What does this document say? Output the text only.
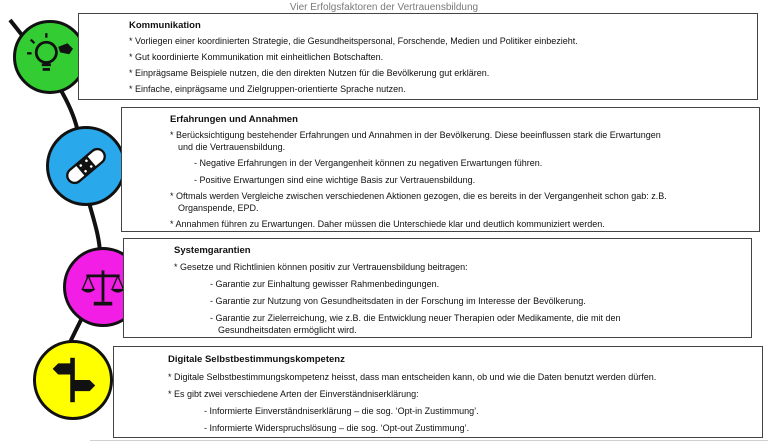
Vier Erfolgsfaktoren der Vertrauensbildung
Kommunikation

* Vorliegen einer koordinierten Strategie, die Gesundheitspersonal, Forschende, Medien und Politiker einbezieht.

* Gut koordinierte Kommunikation mit einheitlichen Botschaften.

* Einprägsame Beispiele nutzen, die den direkten Nutzen für die Bevölkerung gut erklären.

* Einfache, einprägsame und Zielgruppen-orientierte Sprache nutzen.

Erfahrungen und Annahmen

* Berücksichtigung bestehender Erfahrungen und Annahmen in der Bevölkerung. Diese beeinflussen stark die Erwartungen

und die Vertrauensbildung.

- Negative Erfahrungen in der Vergangenheit können zu negativen Erwartungen führen.

- Positive Erwartungen sind eine wichtige Basis zur Vertrauensbildung.

* Oftmals werden Vergleiche zwischen verschiedenen Aktionen gezogen, die es bereits in der Vergangenheit schon gab: z.B.

Organspende, EPD.

* Annahmen führen zu Erwartungen. Daher müssen die Unterschiede klar und deutlich kommuniziert werden.

Systemgarantien

* Gesetze und Richtlinien können positiv zur Vertrauensbildung beitragen:

- Garantie zur Einhaltung gewisser Rahmenbedingungen.

- Garantie zur Nutzung von Gesundheitsdaten in der Forschung im Interesse der Bevölkerung.

- Garantie zur Zielerreichung, wie z.B. die Entwicklung neuer Therapien oder Medikamente, die mit den

Gesundheitsdaten ermöglicht wird.

Digitale Selbstbestimmungskompetenz

* Digitale Selbstbestimmungskompetenz heisst, dass man entscheiden kann, ob und wie die Daten benutzt werden dürfen.

* Es gibt zwei verschiedene Arten der Einverständniserklärung:

- Informierte Einverständniserklärung – die sog. ‘Opt-in Zustimmung’.

- Informierte Widerspruchslösung – die sog. ‘Opt-out Zustimmung’.
